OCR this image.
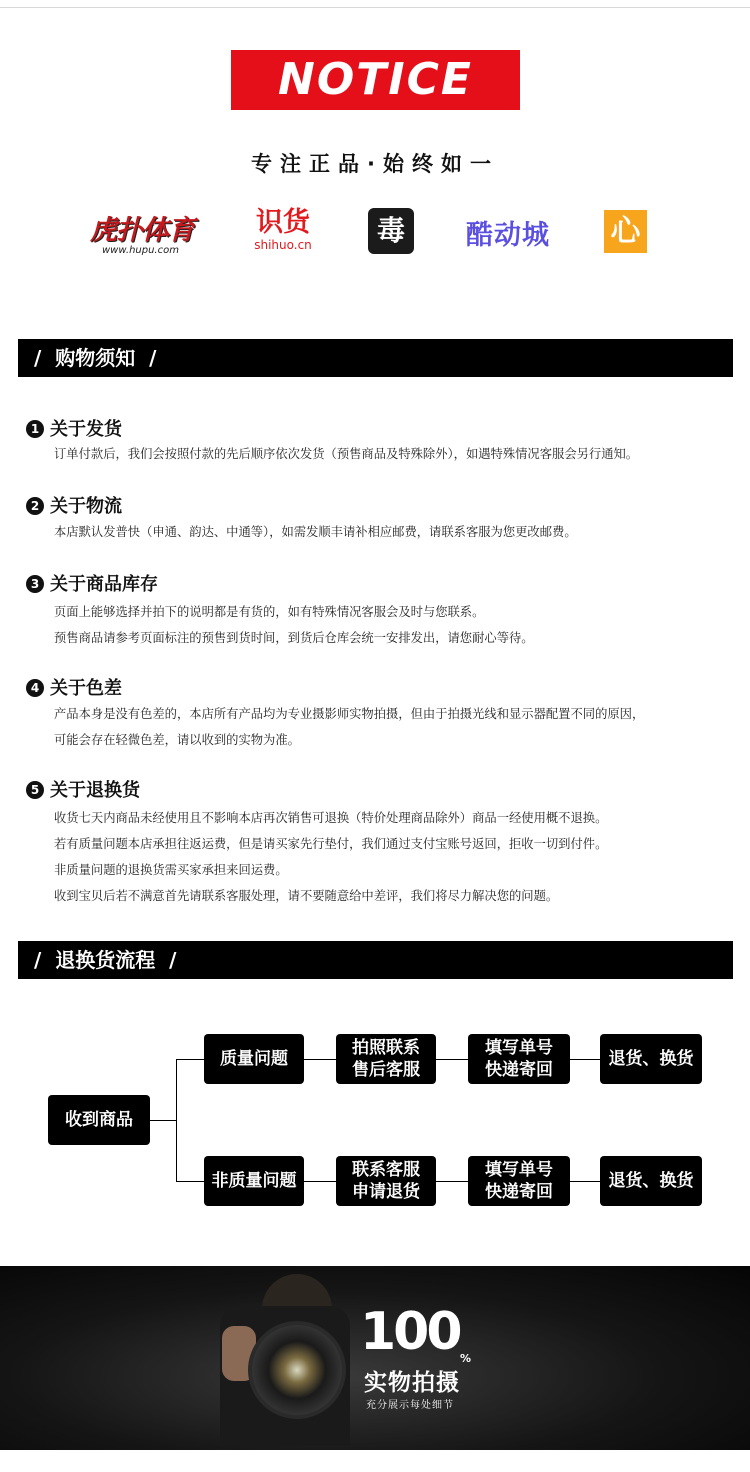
NOTICE
专注正品·始终如一
虎扑体育
www.hupu.com
识货
shihuo.cn	毒	酷动城 心
/  购物须知  /
1 关于发货
订单付款后，我们会按照付款的先后顺序依次发货（预售商品及特殊除外），如遇特殊情况客服会另行通知。
2 关于物流
本店默认发普快（申通、韵达、中通等），如需发顺丰请补相应邮费，请联系客服为您更改邮费。
3 关于商品库存
页面上能够选择并拍下的说明都是有货的，如有特殊情况客服会及时与您联系。
预售商品请参考页面标注的预售到货时间，到货后仓库会统一安排发出，请您耐心等待。
4 关于色差
产品本身是没有色差的，本店所有产品均为专业摄影师实物拍摄，但由于拍摄光线和显示器配置不同的原因，
可能会存在轻微色差，请以收到的实物为准。
5 关于退换货
收货七天内商品未经使用且不影响本店再次销售可退换（特价处理商品除外）商品一经使用概不退换。
若有质量问题本店承担往返运费，但是请买家先行垫付，我们通过支付宝账号返回，拒收一切到付件。
非质量问题的退换货需买家承担来回运费。
收到宝贝后若不满意首先请联系客服处理，请不要随意给中差评，我们将尽力解决您的问题。
/  退换货流程  /
收到商品
质量问题
拍照联系
售后客服
填写单号
快递寄回
退货、换货
非质量问题
联系客服
申请退货
填写单号
快递寄回
退货、换货
100 %
实物拍摄
充分展示每处细节
